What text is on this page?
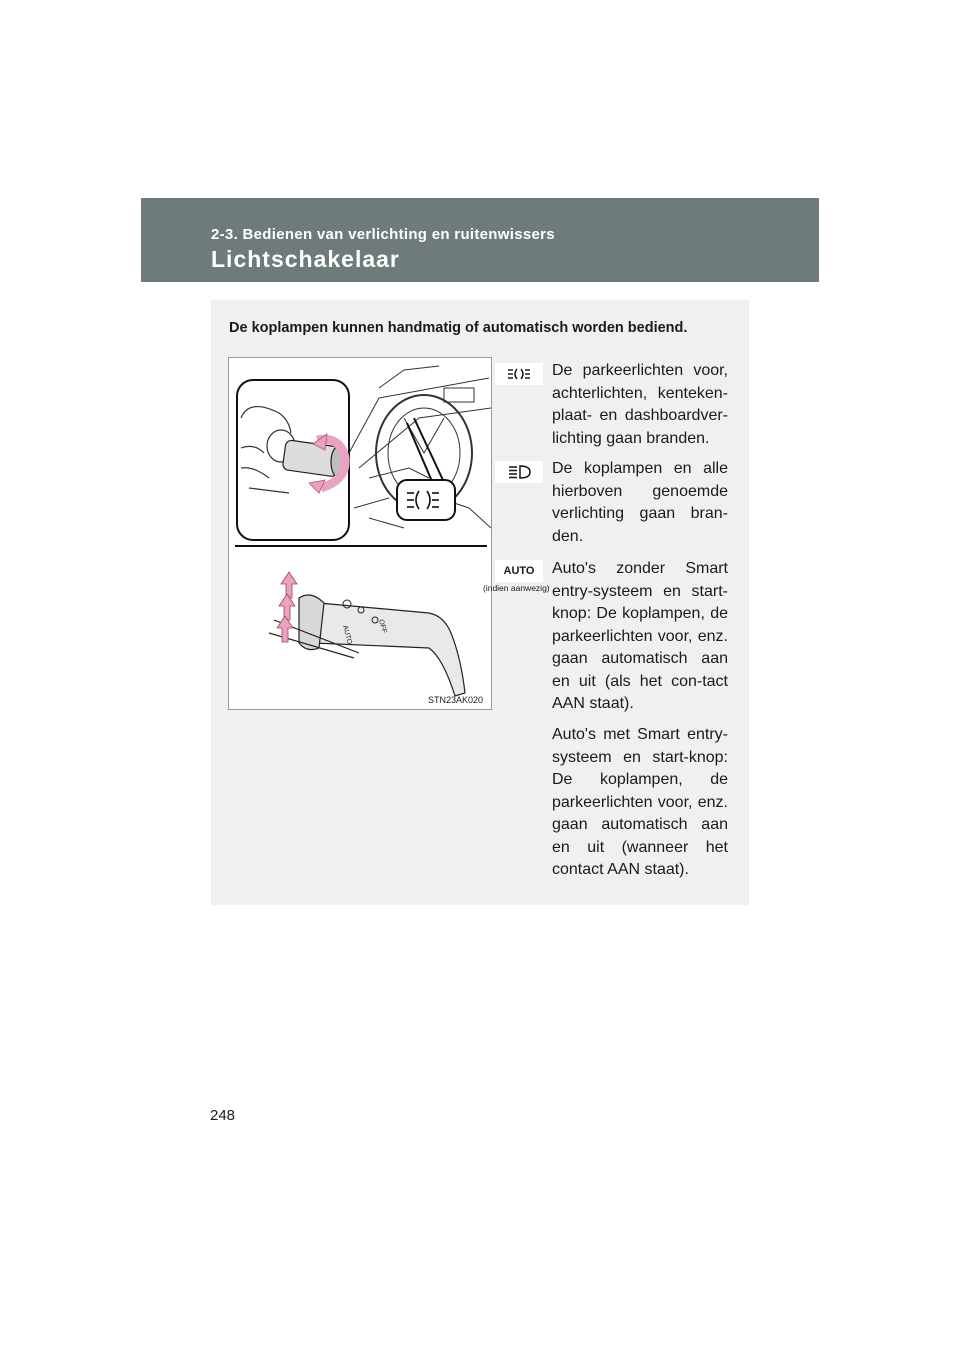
2-3. Bedienen van verlichting en ruitenwissers
Lichtschakelaar

De koplampen kunnen handmatig of automatisch worden bediend.

AUTO	OFF
STN23AK020

De parkeerlichten voor, achterlichten, kenteken-plaat- en dashboardver-lichting gaan branden.

De koplampen en alle hierboven genoemde verlichting gaan bran-den.

AUTO
(indien aanwezig)

Auto's zonder Smart entry-systeem en start-knop: De koplampen, de parkeerlichten voor, enz. gaan automatisch aan en uit (als het con-tact AAN staat).

Auto's met Smart entry-systeem en start-knop: De koplampen, de parkeerlichten voor, enz. gaan automatisch aan en uit (wanneer het contact AAN staat).

248
